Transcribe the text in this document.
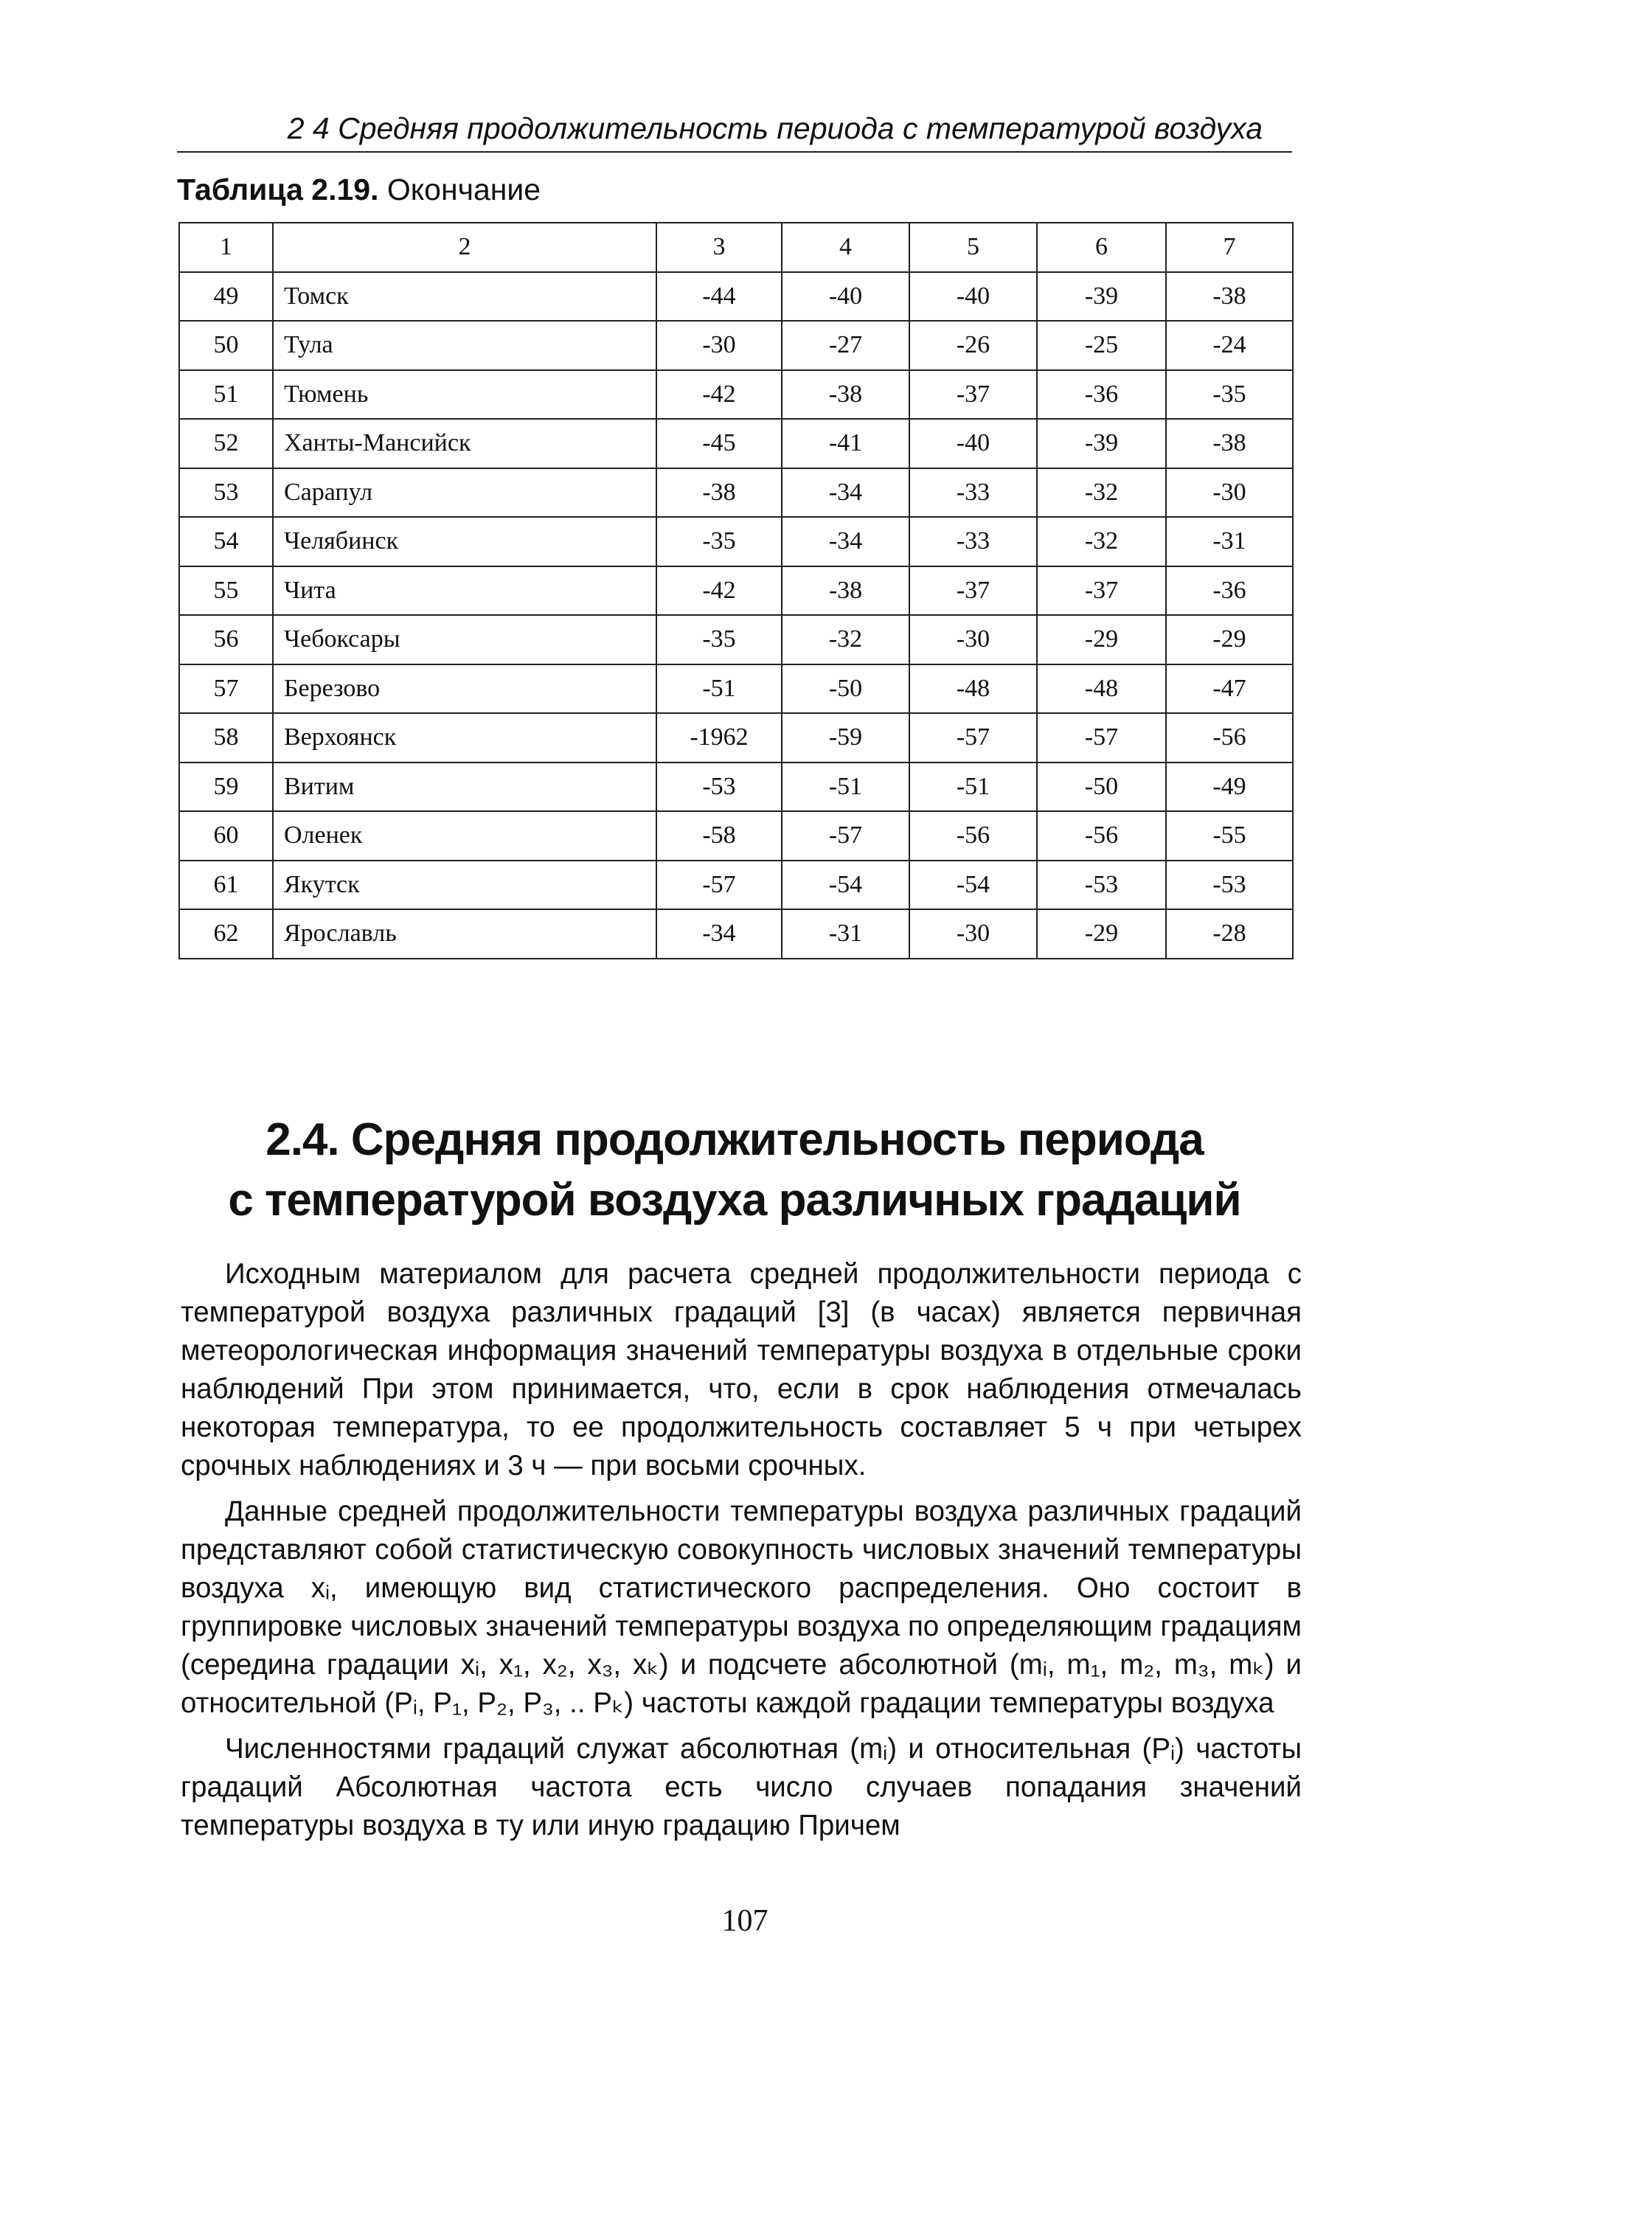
2 4 Средняя продолжительность периода с температурой воздуха
Таблица 2.19. Окончание
1	2	3	4	5	6	7
49	Томск	-44	-40	-40	-39	-38
50	Тула	-30	-27	-26	-25	-24
51	Тюмень	-42	-38	-37	-36	-35
52	Ханты-Мансийск	-45	-41	-40	-39	-38
53	Сарапул	-38	-34	-33	-32	-30
54	Челябинск	-35	-34	-33	-32	-31
55	Чита	-42	-38	-37	-37	-36
56	Чебоксары	-35	-32	-30	-29	-29
57	Березово	-51	-50	-48	-48	-47
58	Верхоянск	-1962	-59	-57	-57	-56
59	Витим	-53	-51	-51	-50	-49
60	Оленек	-58	-57	-56	-56	-55
61	Якутск	-57	-54	-54	-53	-53
62	Ярославль	-34	-31	-30	-29	-28
2.4. Средняя продолжительность периода
с температурой воздуха различных градаций

Исходным материалом для расчета средней продолжительности периода с температурой воздуха различных градаций [3] (в часах) является первичная метеорологическая информация значений температуры воздуха в отдельные сроки наблюдений При этом принимается, что, если в срок наблюдения отмечалась некоторая температура, то ее продолжительность составляет 5 ч при четырех срочных наблюдениях и 3 ч — при восьми срочных.

Данные средней продолжительности температуры воздуха различных градаций представляют собой статистическую совокупность числовых значений температуры воздуха xᵢ, имеющую вид статистического распределения. Оно состоит в группировке числовых значений температуры воздуха по определяющим градациям (середина градации xᵢ, x₁, x₂, x₃, xₖ) и подсчете абсолютной (mᵢ, m₁, m₂, m₃, mₖ) и относительной (Pᵢ, P₁, P₂, P₃, .. Pₖ) частоты каждой градации температуры воздуха

Численностями градаций служат абсолютная (mᵢ) и относительная (Pᵢ) частоты градаций Абсолютная частота есть число случаев попадания значений температуры воздуха в ту или иную градацию Причем

107
